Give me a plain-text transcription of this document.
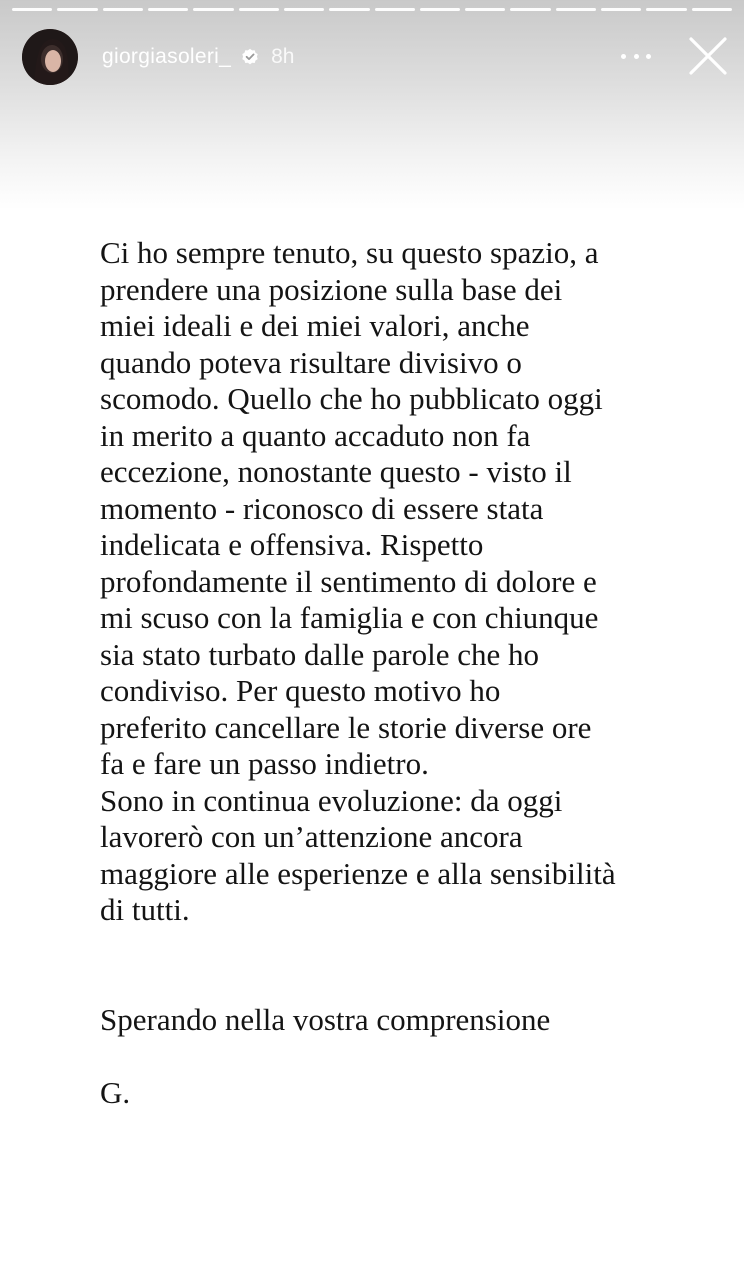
giorgiasoleri_ 8h

Ci ho sempre tenuto, su questo spazio, a

prendere una posizione sulla base dei

miei ideali e dei miei valori, anche

quando poteva risultare divisivo o

scomodo. Quello che ho pubblicato oggi

in merito a quanto accaduto non fa

eccezione, nonostante questo - visto il

momento - riconosco di essere stata

indelicata e offensiva. Rispetto

profondamente il sentimento di dolore e

mi scuso con la famiglia e con chiunque

sia stato turbato dalle parole che ho

condiviso. Per questo motivo ho

preferito cancellare le storie diverse ore

fa e fare un passo indietro.

Sono in continua evoluzione: da oggi

lavorerò con un’attenzione ancora

maggiore alle esperienze e alla sensibilità

di tutti.

Sperando nella vostra comprensione

G.
